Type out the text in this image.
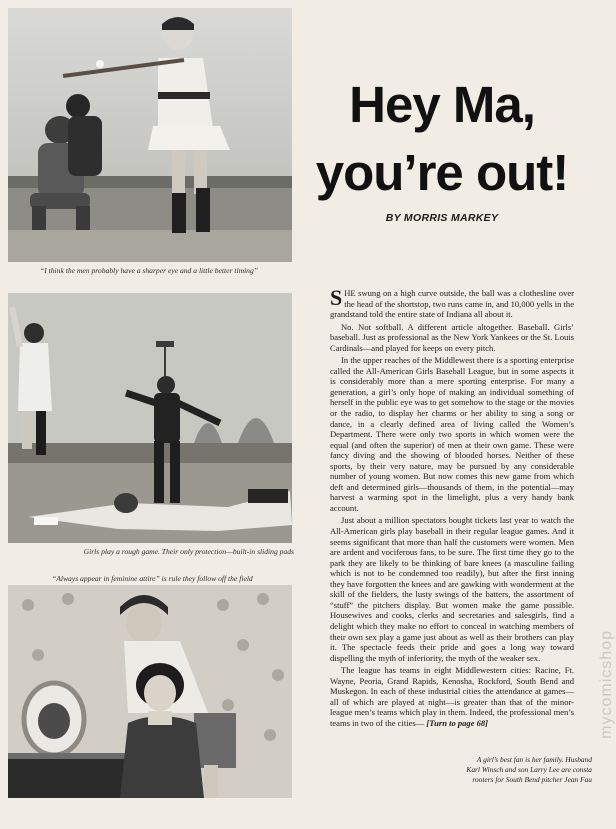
“I think the men probably have a sharper eye and a little better timing”
Girls play a rough game. Their only protection—built-in sliding pads
“Always appear in feminine attire” is rule they follow off the field
Hey Ma,
you’re out!
BY MORRIS MARKEY

SHE swung on a high curve outside, the ball was a clothesline over the head of the shortstop, two runs came in, and 10,000 yells in the grandstand told the entire state of Indiana all about it.

No. Not softball. A different article altogether. Baseball. Girls’ baseball. Just as professional as the New York Yankees or the St. Louis Cardinals—and played for keeps on every pitch.

In the upper reaches of the Middlewest there is a sporting enterprise called the All-American Girls Baseball League, but in some aspects it is considerably more than a mere sporting enterprise. For many a generation, a girl’s only hope of making an individual something of herself in the public eye was to get somehow to the stage or the movies or the radio, to display her charms or her ability to sing a song or dance, in a clearly defined area of living called the Women’s Department. There were only two sports in which women were the equal (and often the superior) of men at their own game. These were fancy diving and the showing of blooded horses. Neither of these sports, by their very nature, may be pursued by any considerable number of young women. But now comes this new game from which deft and determined girls—thousands of them, in the potential—may harvest a warming spot in the limelight, plus a very handy bank account.

Just about a million spectators bought tickets last year to watch the All-American girls play baseball in their regular league games. And it seems significant that more than half the customers were women. Men are ardent and vociferous fans, to be sure. The first time they go to the park they are likely to be thinking of bare knees (a masculine failing which is not to be condemned too readily), but after the first inning they have forgotten the knees and are gawking with wonderment at the skill of the fielders, the lusty swings of the batters, the assortment of “stuff” the pitchers display. But women make the game possible. Housewives and cooks, clerks and secretaries and salesgirls, find a delight which they make no effort to conceal in watching members of their own sex play a game just about as well as their brothers can play it. The spectacle feeds their pride and goes a long way toward dispelling the myth of inferiority, the myth of the weaker sex.

The league has teams in eight Middlewestern cities: Racine, Ft. Wayne, Peoria, Grand Rapids, Kenosha, Rockford, South Bend and Muskegon. In each of these industrial cities the attendance at games—all of which are played at night—is greater than that of the minor-league men’s teams which play in them. Indeed, the professional men’s teams in two of the cities— [Turn to page 68]

A girl’s best fan is her family. Husband
Karl Winsch and son Larry Lee are consta
rooters for South Bend pitcher Jean Fau
mycomicshop
